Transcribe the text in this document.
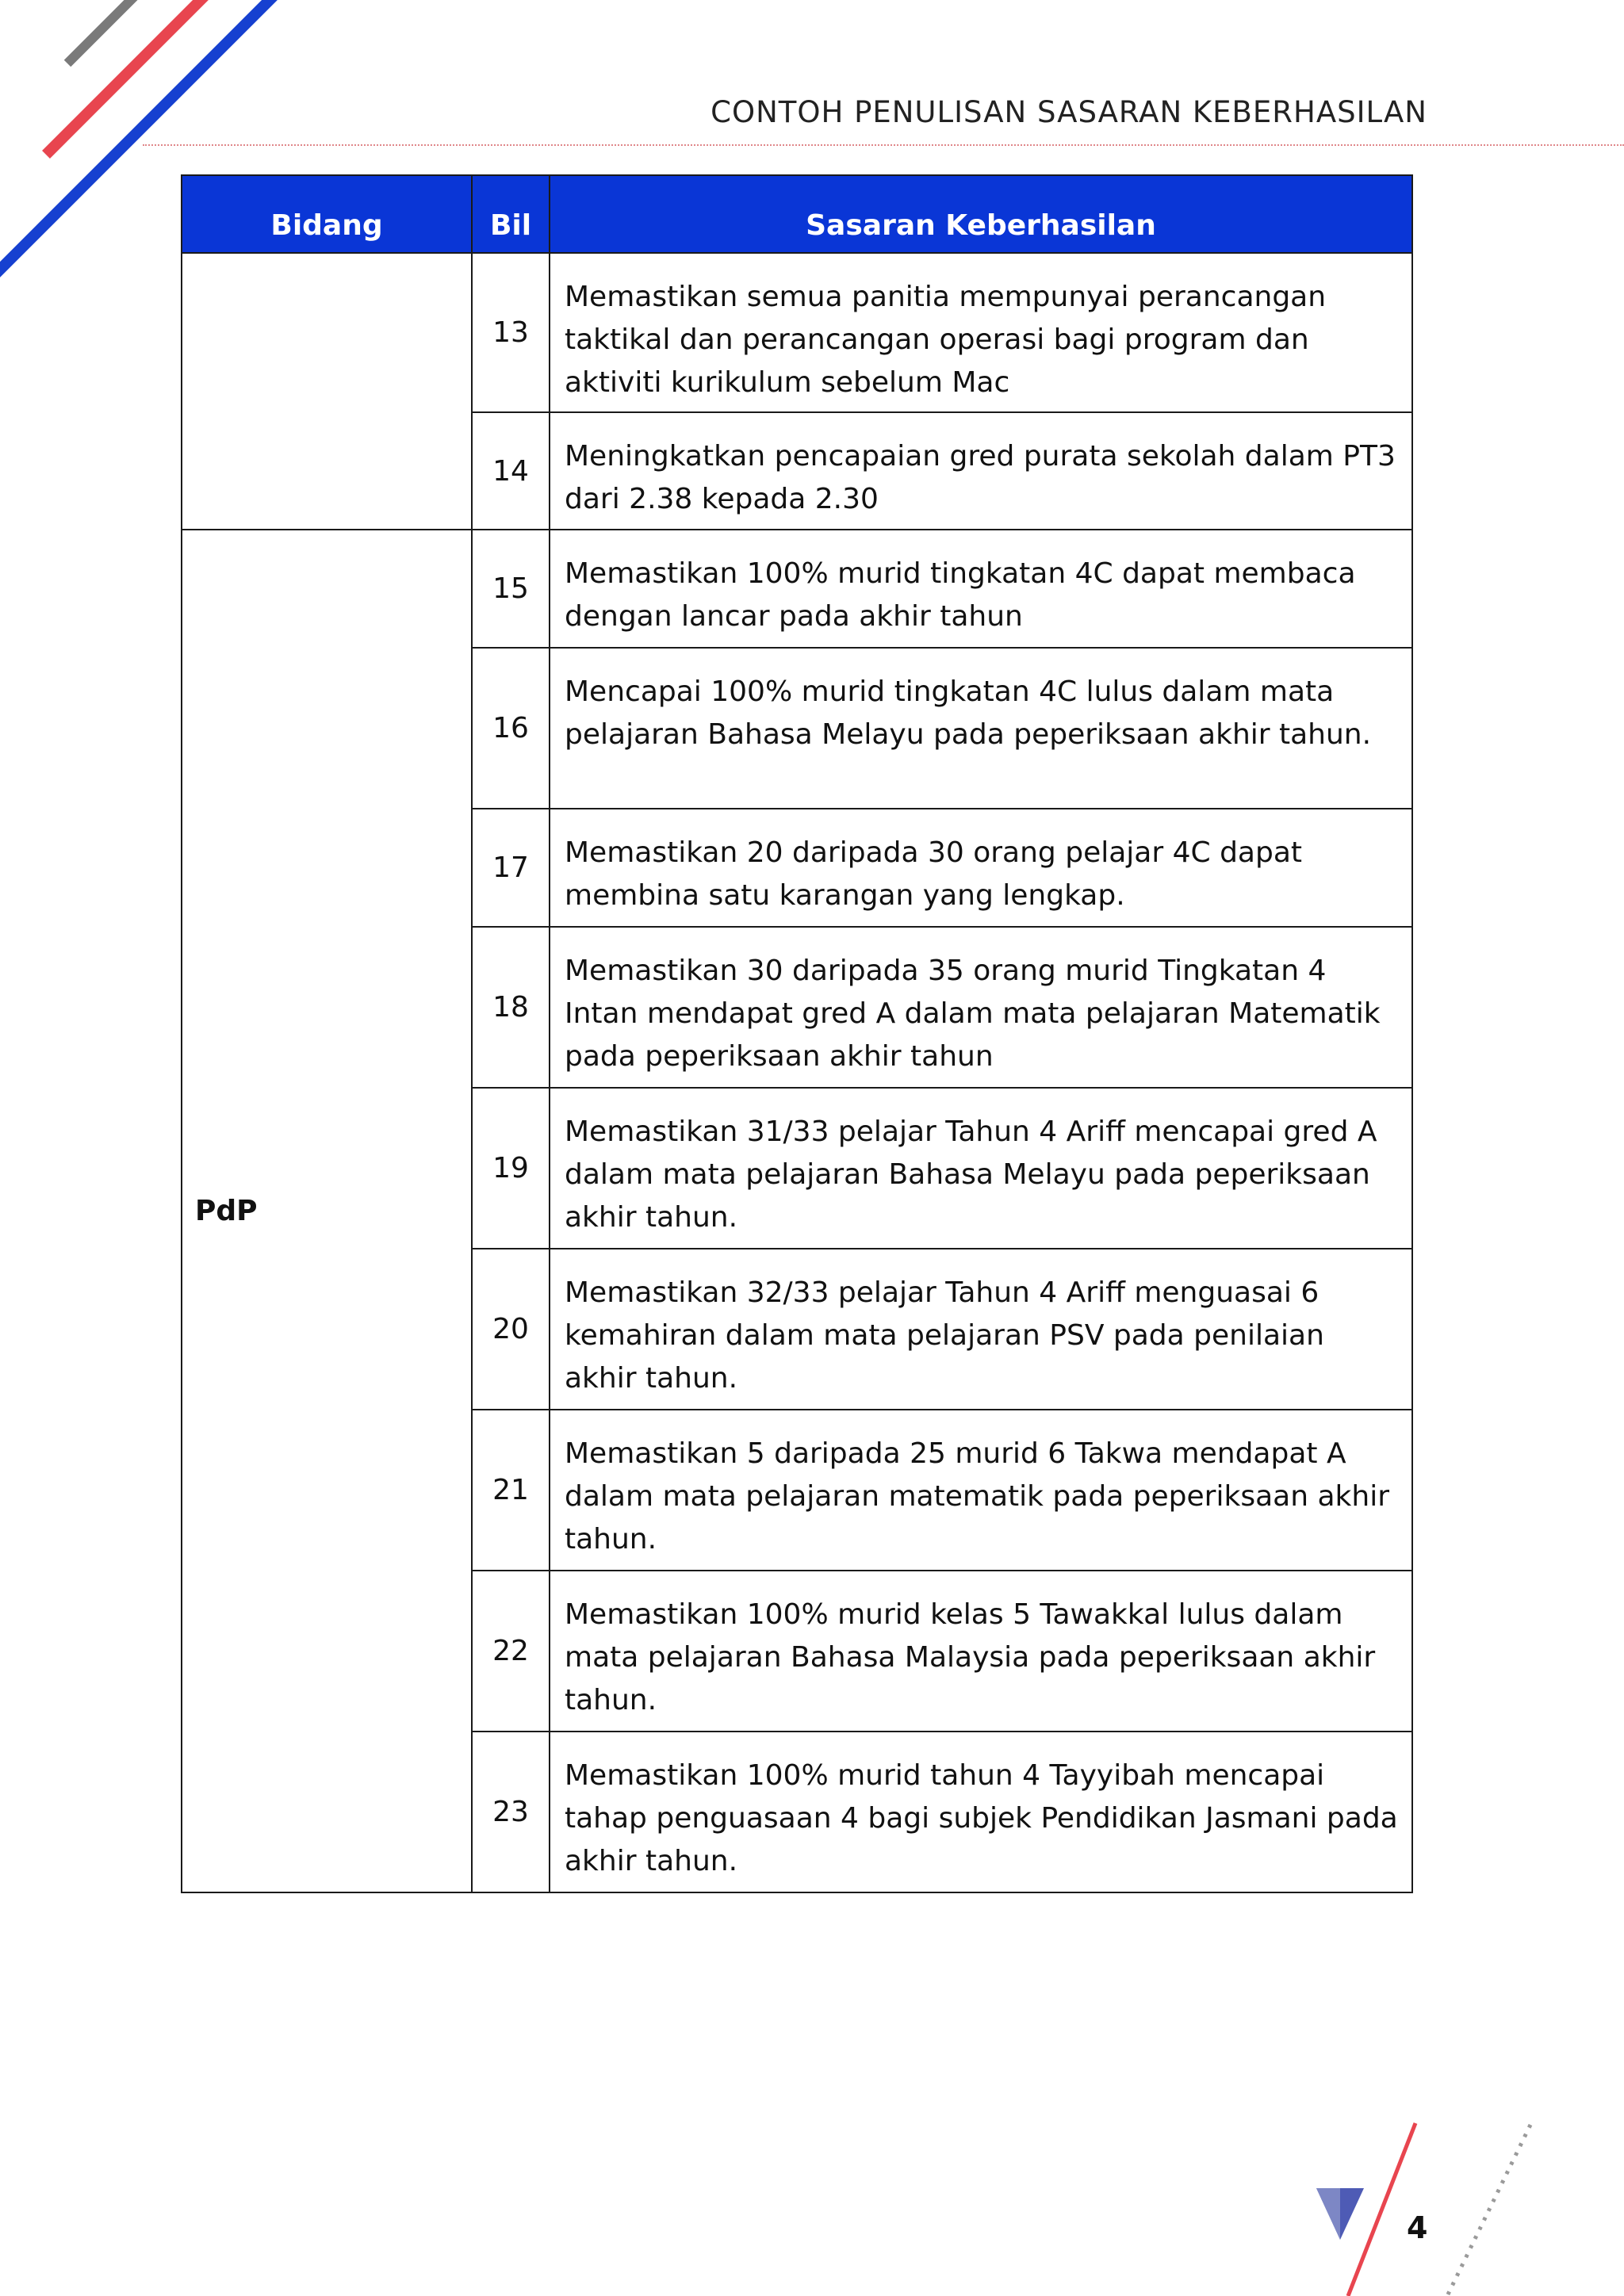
CONTOH PENULISAN SASARAN KEBERHASILAN
Bidang	Bil	Sasaran Keberhasilan
	13	Memastikan semua panitia mempunyai perancangan taktikal dan perancangan operasi bagi program dan aktiviti kurikulum sebelum Mac
	14	Meningkatkan pencapaian gred purata sekolah dalam PT3 dari 2.38 kepada 2.30
PdP	15	Memastikan 100% murid tingkatan 4C dapat membaca dengan lancar pada akhir tahun
	16	Mencapai 100% murid tingkatan 4C lulus dalam mata pelajaran Bahasa Melayu pada peperiksaan akhir tahun.
	17	Memastikan 20 daripada 30 orang pelajar 4C dapat membina satu karangan yang lengkap.
	18	Memastikan 30 daripada 35 orang murid Tingkatan 4 Intan mendapat gred A dalam mata pelajaran Matematik pada peperiksaan akhir tahun
	19	Memastikan 31/33 pelajar Tahun 4 Ariff mencapai gred A dalam mata pelajaran Bahasa Melayu pada peperiksaan akhir tahun.
	20	Memastikan 32/33 pelajar Tahun 4 Ariff menguasai 6 kemahiran dalam mata pelajaran PSV pada penilaian akhir tahun.
	21	Memastikan 5 daripada 25 murid 6 Takwa mendapat A dalam mata pelajaran matematik pada peperiksaan akhir tahun.
	22	Memastikan 100% murid kelas 5 Tawakkal lulus dalam mata pelajaran Bahasa Malaysia pada peperiksaan akhir tahun.
	23	Memastikan 100% murid tahun 4 Tayyibah mencapai tahap penguasaan 4 bagi subjek Pendidikan Jasmani pada akhir tahun.
4
